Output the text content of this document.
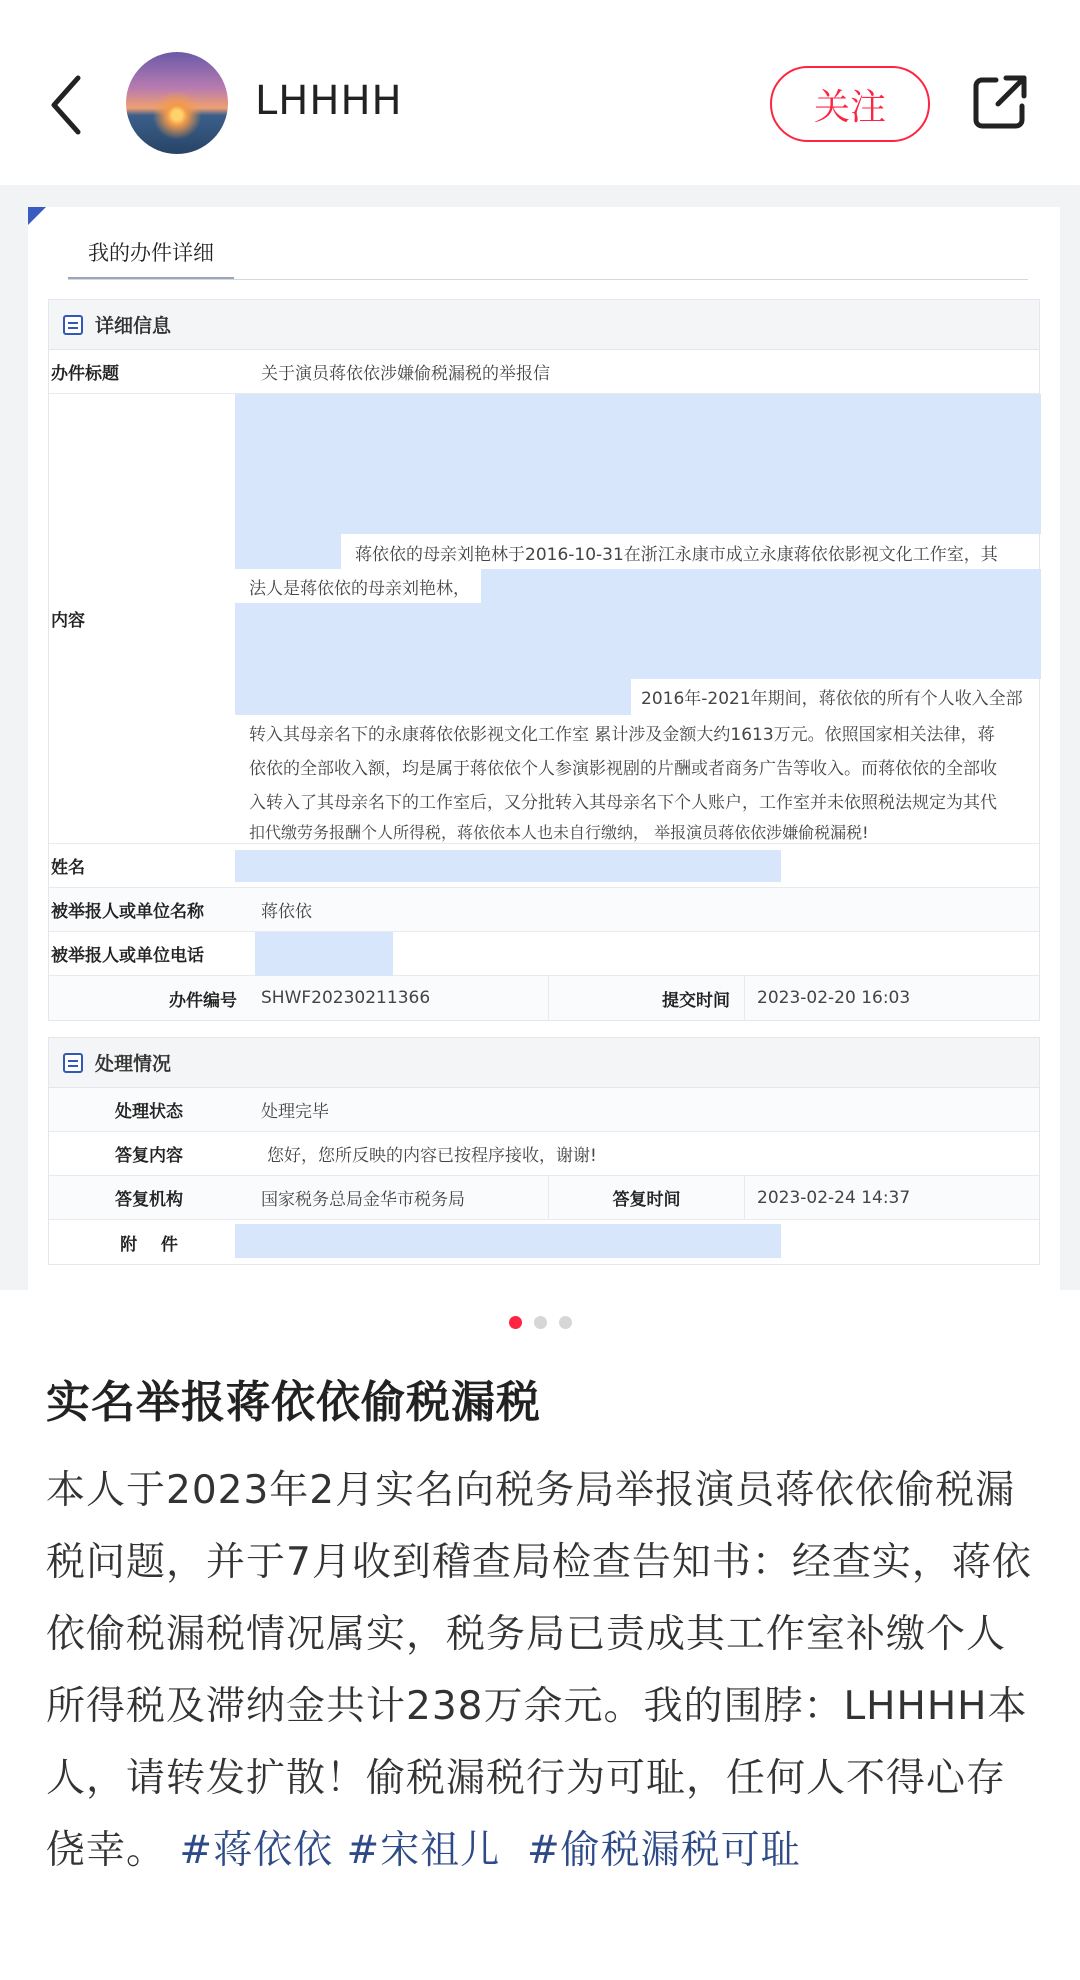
LHHHH	关注
我的办件详细
详细信息
办件标题	关于演员蒋依依涉嫌偷税漏税的举报信
内容
蒋依依的母亲刘艳林于2016-10-31在浙江永康市成立永康蒋依依影视文化工作室，其
法人是蒋依依的母亲刘艳林，
2016年-2021年期间，蒋依依的所有个人收入全部
转入其母亲名下的永康蒋依依影视文化工作室 累计涉及金额大约1613万元。依照国家相关法律，蒋
依依的全部收入额，均是属于蒋依依个人参演影视剧的片酬或者商务广告等收入。而蒋依依的全部收
入转入了其母亲名下的工作室后，又分批转入其母亲名下个人账户，工作室并未依照税法规定为其代
扣代缴劳务报酬个人所得税，蒋依依本人也未自行缴纳， 举报演员蒋依依涉嫌偷税漏税!
姓名
被举报人或单位名称	蒋依依
被举报人或单位电话
办件编号	SHWF20230211366	提交时间	2023-02-20 16:03
处理情况
处理状态	处理完毕
答复内容	您好，您所反映的内容已按程序接收，谢谢!
答复机构	国家税务总局金华市税务局	答复时间	2023-02-24 14:37
附    件
实名举报蒋依依偷税漏税
本人于2023年2月实名向税务局举报演员蒋依依偷税漏税问题，并于7月收到稽查局检查告知书：经查实，蒋依依偷税漏税情况属实，税务局已责成其工作室补缴个人所得税及滞纳金共计238万余元。我的围脖：LHHHH本人，请转发扩散！偷税漏税行为可耻，任何人不得心存侥幸。 #蒋依依 #宋祖儿 #偷税漏税可耻
